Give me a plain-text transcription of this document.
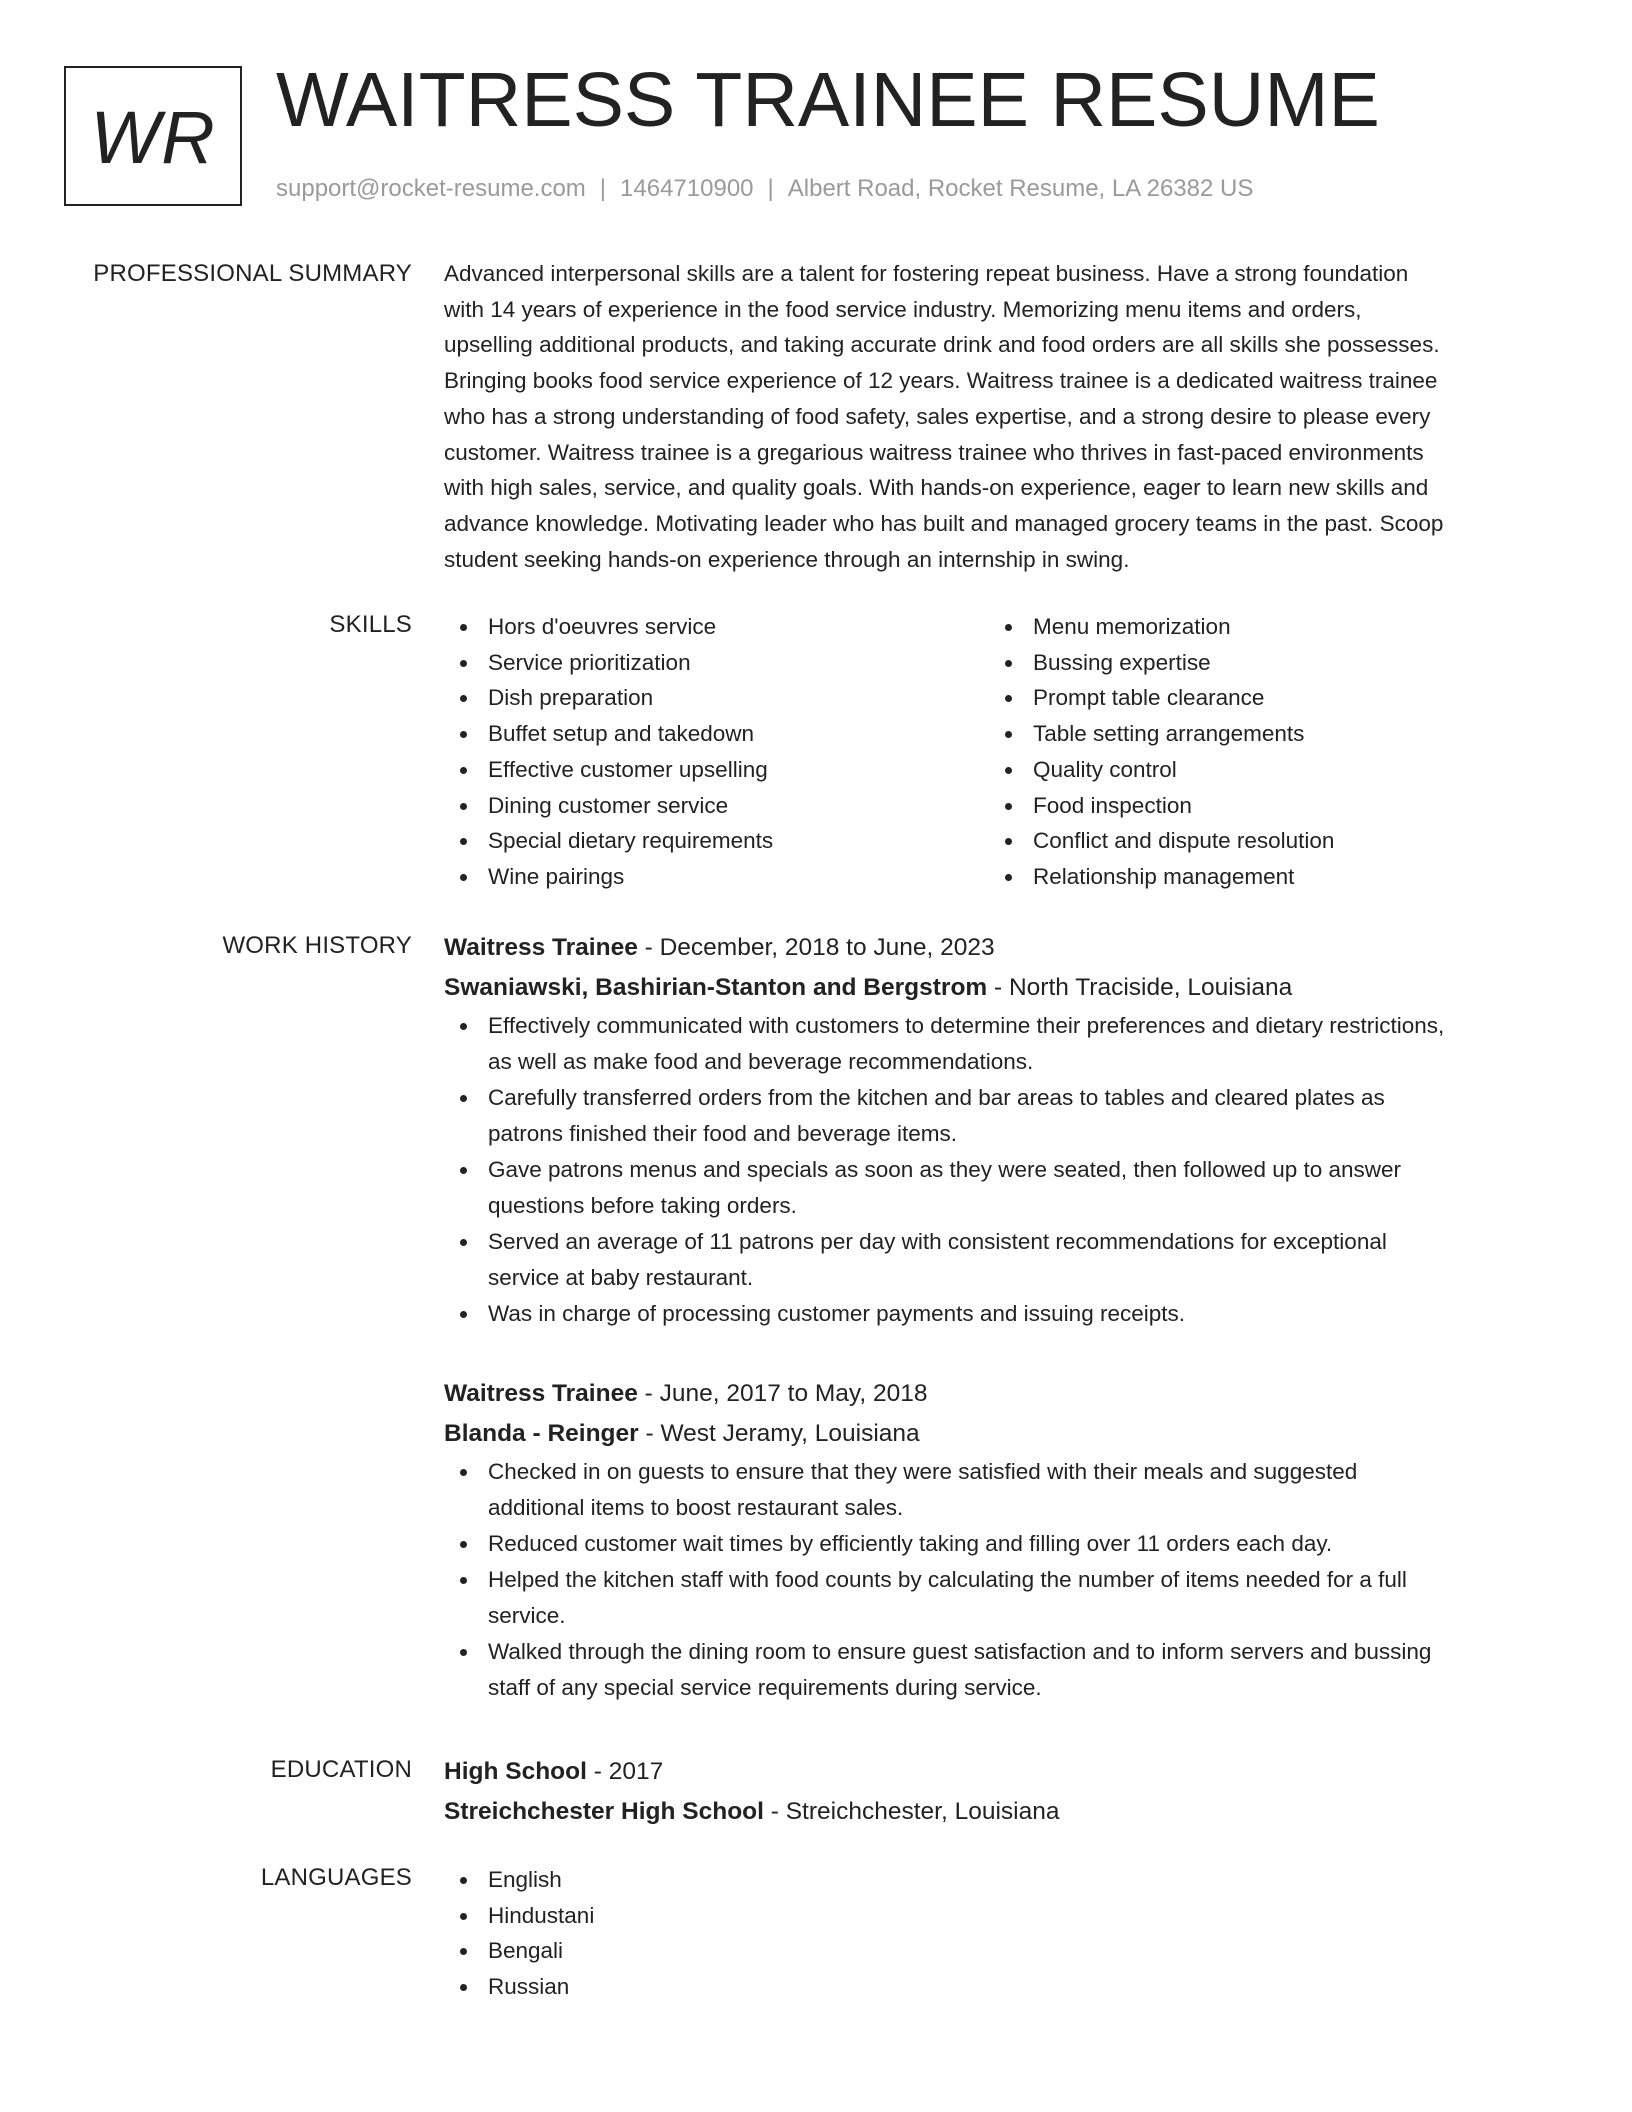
WR WAITRESS TRAINEE RESUME
support@rocket-resume.com | 1464710900 | Albert Road, Rocket Resume, LA 26382 US
PROFESSIONAL SUMMARY Advanced interpersonal skills are a talent for fostering repeat business. Have a strong foundation
with 14 years of experience in the food service industry. Memorizing menu items and orders,
upselling additional products, and taking accurate drink and food orders are all skills she possesses.
Bringing books food service experience of 12 years. Waitress trainee is a dedicated waitress trainee
who has a strong understanding of food safety, sales expertise, and a strong desire to please every
customer. Waitress trainee is a gregarious waitress trainee who thrives in fast-paced environments
with high sales, service, and quality goals. With hands-on experience, eager to learn new skills and
advance knowledge. Motivating leader who has built and managed grocery teams in the past. Scoop
student seeking hands-on experience through an internship in swing.

SKILLS	Hors d'oeuvres service
Service prioritization
Dish preparation
Buffet setup and takedown
Effective customer upselling
Dining customer service
Special dietary requirements
Wine pairings
Menu memorization
Bussing expertise
Prompt table clearance
Table setting arrangements
Quality control
Food inspection
Conflict and dispute resolution
Relationship management
WORK HISTORY Waitress Trainee - December, 2018 to June, 2023
Swaniawski, Bashirian-Stanton and Bergstrom - North Traciside, Louisiana
Effectively communicated with customers to determine their preferences and dietary restrictions,
as well as make food and beverage recommendations.
Carefully transferred orders from the kitchen and bar areas to tables and cleared plates as
patrons finished their food and beverage items.
Gave patrons menus and specials as soon as they were seated, then followed up to answer
questions before taking orders.
Served an average of 11 patrons per day with consistent recommendations for exceptional
service at baby restaurant.
Was in charge of processing customer payments and issuing receipts.
Waitress Trainee - June, 2017 to May, 2018
Blanda - Reinger - West Jeramy, Louisiana
Checked in on guests to ensure that they were satisfied with their meals and suggested
additional items to boost restaurant sales.
Reduced customer wait times by efficiently taking and filling over 11 orders each day.
Helped the kitchen staff with food counts by calculating the number of items needed for a full
service.
Walked through the dining room to ensure guest satisfaction and to inform servers and bussing
staff of any special service requirements during service.
EDUCATION High School - 2017
Streichchester High School - Streichchester, Louisiana
LANGUAGES	English
Hindustani
Bengali
Russian
